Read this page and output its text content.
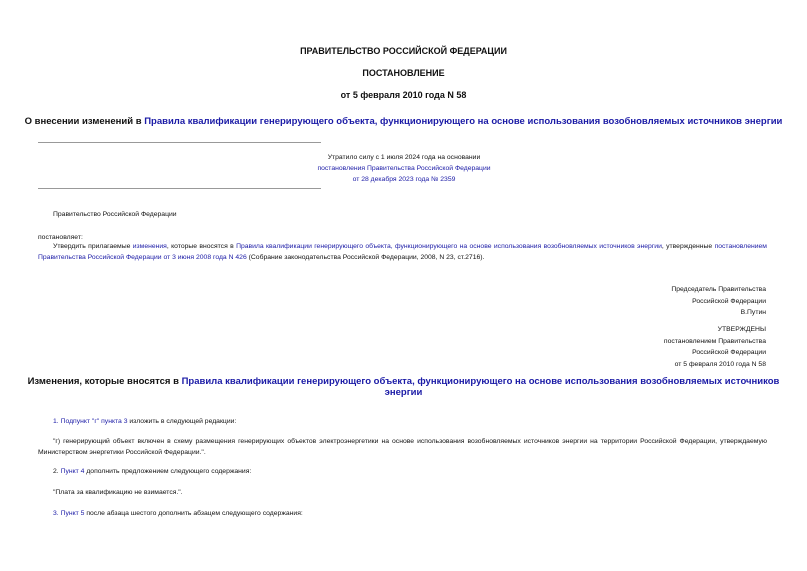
ПРАВИТЕЛЬСТВО РОССИЙСКОЙ ФЕДЕРАЦИИ
ПОСТАНОВЛЕНИЕ
от 5 февраля 2010 года N 58
О внесении изменений в Правила квалификации генерирующего объекта, функционирующего на основе использования возобновляемых источников энергии
Утратило силу с 1 июля 2024 года на основании
постановления Правительства Российской Федерации
от 28 декабря 2023 года № 2359
Правительство Российской Федерации
постановляет:
Утвердить прилагаемые изменения, которые вносятся в Правила квалификации генерирующего объекта, функционирующего на основе использования возобновляемых источников энергии, утвержденные постановлением Правительства Российской Федерации от 3 июня 2008 года N 426 (Собрание законодательства Российской Федерации, 2008, N 23, ст.2716).
Председатель Правительства
Российской Федерации
В.Путин
УТВЕРЖДЕНЫ
постановлением Правительства
Российской Федерации
от 5 февраля 2010 года N 58
Изменения, которые вносятся в Правила квалификации генерирующего объекта, функционирующего на основе использования возобновляемых источников
энергии
1. Подпункт "г" пункта 3 изложить в следующей редакции:
"г) генерирующий объект включен в схему размещения генерирующих объектов электроэнергетики на основе использования возобновляемых источников энергии на территории Российской Федерации, утверждаемую Министерством энергетики Российской Федерации.".
2. Пункт 4 дополнить предложением следующего содержания:
"Плата за квалификацию не взимается.".
3. Пункт 5 после абзаца шестого дополнить абзацем следующего содержания:
